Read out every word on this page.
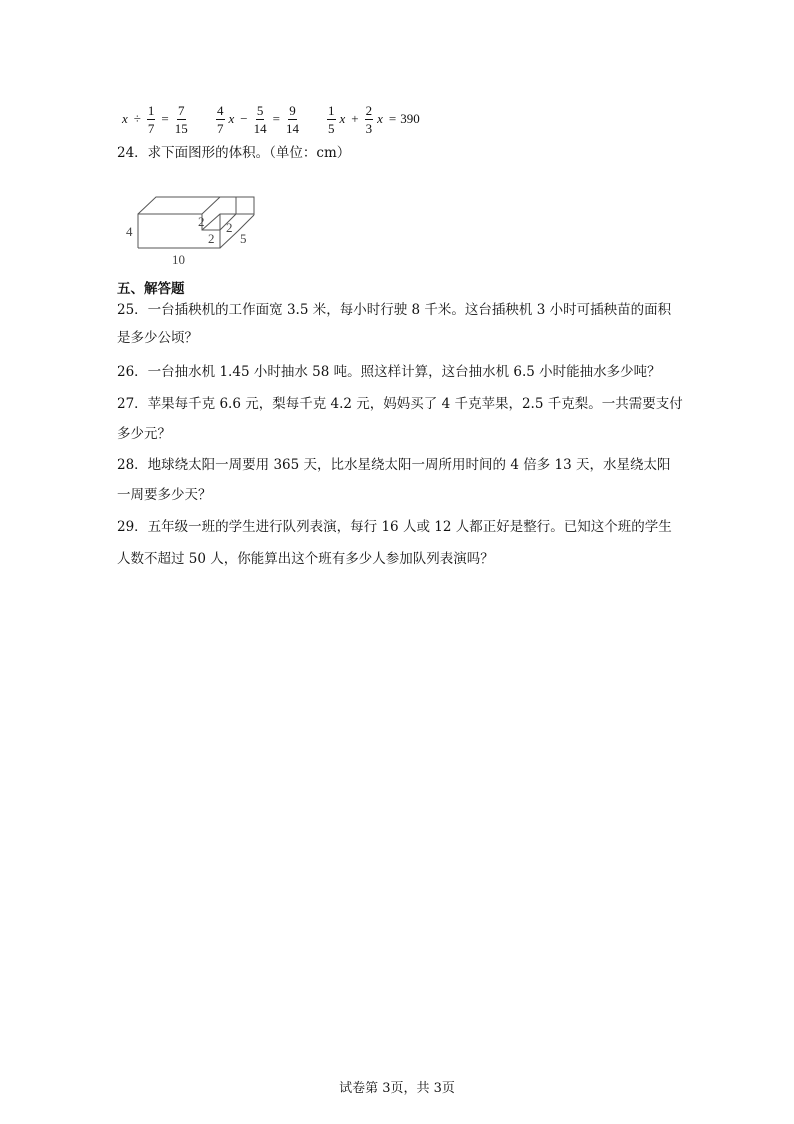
$x \div \frac{1}{7} = \frac{7}{15} \frac{4}{7}$ $x - \frac{5}{14} = \frac{9}{14} \frac{1}{5}$ $x + \frac{2}{3}$ x = 390
24．求下面图形的体积。（单位：cm）
4
10
2
2
2
5
五、解答题
25．一台插秧机的工作面宽 3.5 米，每小时行驶 8 千米。这台插秧机 3 小时可插秧苗的面积
是多少公顷？
26．一台抽水机 1.45 小时抽水 58 吨。照这样计算，这台抽水机 6.5 小时能抽水多少吨？
27．苹果每千克 6.6 元，梨每千克 4.2 元，妈妈买了 4 千克苹果，2.5 千克梨。一共需要支付
多少元？
28．地球绕太阳一周要用 365 天，比水星绕太阳一周所用时间的 4 倍多 13 天，水星绕太阳
一周要多少天？
29．五年级一班的学生进行队列表演，每行 16 人或 12 人都正好是整行。已知这个班的学生
人数不超过 50 人，你能算出这个班有多少人参加队列表演吗？
试卷第 3页，共 3页
